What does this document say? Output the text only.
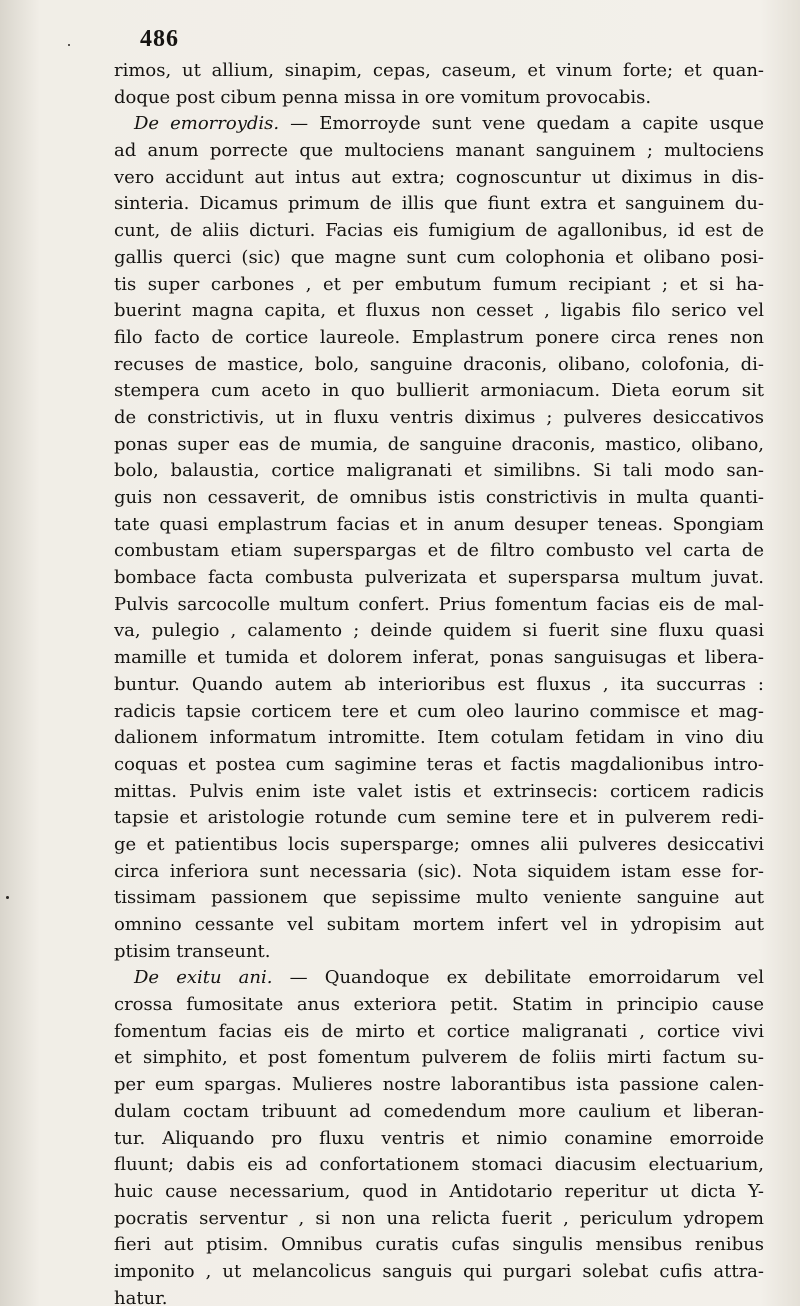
486
rimos, ut allium, sinapim, cepas, caseum, et vinum forte; et quan-
doque post cibum penna missa in ore vomitum provocabis.
De emorroydis. — Emorroyde sunt vene quedam a capite usque
ad anum porrecte que multociens manant sanguinem ; multociens
vero accidunt aut intus aut extra; cognoscuntur ut diximus in dis-
sinteria. Dicamus primum de illis que fiunt extra et sanguinem du-
cunt, de aliis dicturi. Facias eis fumigium de agallonibus, id est de
gallis querci (sic) que magne sunt cum colophonia et olibano posi-
tis super carbones , et per embutum fumum recipiant ; et si ha-
buerint magna capita, et fluxus non cesset , ligabis filo serico vel
filo facto de cortice laureole. Emplastrum ponere circa renes non
recuses de mastice, bolo, sanguine draconis, olibano, colofonia, di-
stempera cum aceto in quo bullierit armoniacum. Dieta eorum sit
de constrictivis, ut in fluxu ventris diximus ; pulveres desiccativos
ponas super eas de mumia, de sanguine draconis, mastico, olibano,
bolo, balaustia, cortice maligranati et similibns. Si tali modo san-
guis non cessaverit, de omnibus istis constrictivis in multa quanti-
tate quasi emplastrum facias et in anum desuper teneas. Spongiam
combustam etiam superspargas et de filtro combusto vel carta de
bombace facta combusta pulverizata et supersparsa multum juvat.
Pulvis sarcocolle multum confert. Prius fomentum facias eis de mal-
va, pulegio , calamento ; deinde quidem si fuerit sine fluxu quasi
mamille et tumida et dolorem inferat, ponas sanguisugas et libera-
buntur. Quando autem ab interioribus est fluxus , ita succurras :
radicis tapsie corticem tere et cum oleo laurino commisce et mag-
dalionem informatum intromitte. Item cotulam fetidam in vino diu
coquas et postea cum sagimine teras et factis magdalionibus intro-
mittas. Pulvis enim iste valet istis et extrinsecis: corticem radicis
tapsie et aristologie rotunde cum semine tere et in pulverem redi-
ge et patientibus locis supersparge; omnes alii pulveres desiccativi
circa inferiora sunt necessaria (sic). Nota siquidem istam esse for-
tissimam passionem que sepissime multo veniente sanguine aut
omnino cessante vel subitam mortem infert vel in ydropisim aut
ptisim transeunt.
De exitu ani. — Quandoque ex debilitate emorroidarum vel
crossa fumositate anus exteriora petit. Statim in principio cause
fomentum facias eis de mirto et cortice maligranati , cortice vivi
et simphito, et post fomentum pulverem de foliis mirti factum su-
per eum spargas. Mulieres nostre laborantibus ista passione calen-
dulam coctam tribuunt ad comedendum more caulium et liberan-
tur. Aliquando pro fluxu ventris et nimio conamine emorroide
fluunt; dabis eis ad confortationem stomaci diacusim electuarium,
huic cause necessarium, quod in Antidotario reperitur ut dicta Y-
pocratis serventur , si non una relicta fuerit , periculum ydropem
fieri aut ptisim. Omnibus curatis cufas singulis mensibus renibus
imponito , ut melancolicus sanguis qui purgari solebat cufis attra-
hatur.
